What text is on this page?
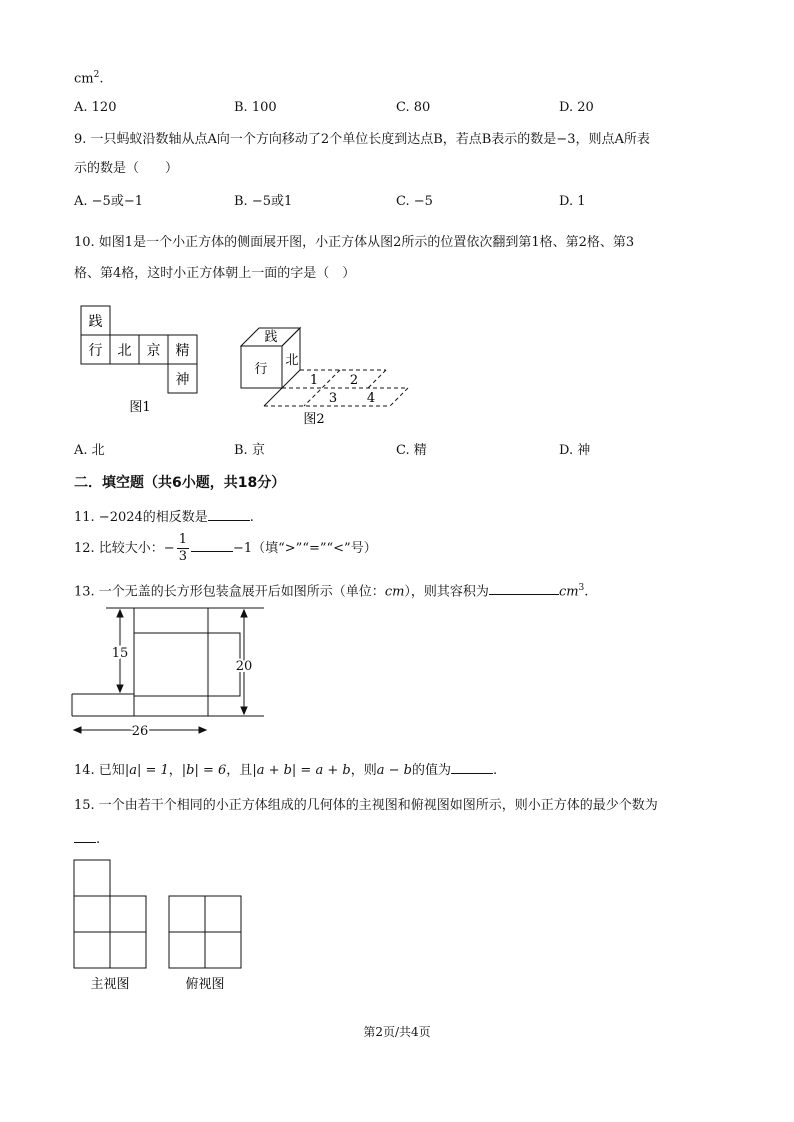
$cm^2$.
A. 120	B. 100	C. 80	D. 20
9. 一只蚂蚁沿数轴从点A向一个方向移动了2个单位长度到达点B，若点B表示的数是−3，则点A所表
示的数是（　　）
A. −5或−1	B. −5或1	C. −5	D. 1
10. 如图1是一个小正方体的侧面展开图，小正方体从图2所示的位置依次翻到第1格、第2格、第3
格、第4格，这时小正方体朝上一面的字是（　）
践
行 北 京 精
神
图1
践
行
北
1 2
3 4
图2
A. 北	B. 京	C. 精	D. 神
二．填空题（共6小题，共18分）
11. −2024的相反数是	.
12. 比较大小：− $\frac{1}{3}$	−1（填“>”“=”“<”号）
13. 一个无盖的长方形包装盒展开后如图所示（单位：cm），则其容积为	$cm^3$.
15
20
26
14. 已知|a| = 1，|b| = 6，且|a + b| = a + b，则a − b的值为	.
15. 一个由若干个相同的小正方体组成的几何体的主视图和俯视图如图所示，则小正方体的最少个数为
.
主视图	俯视图
第2页/共4页
